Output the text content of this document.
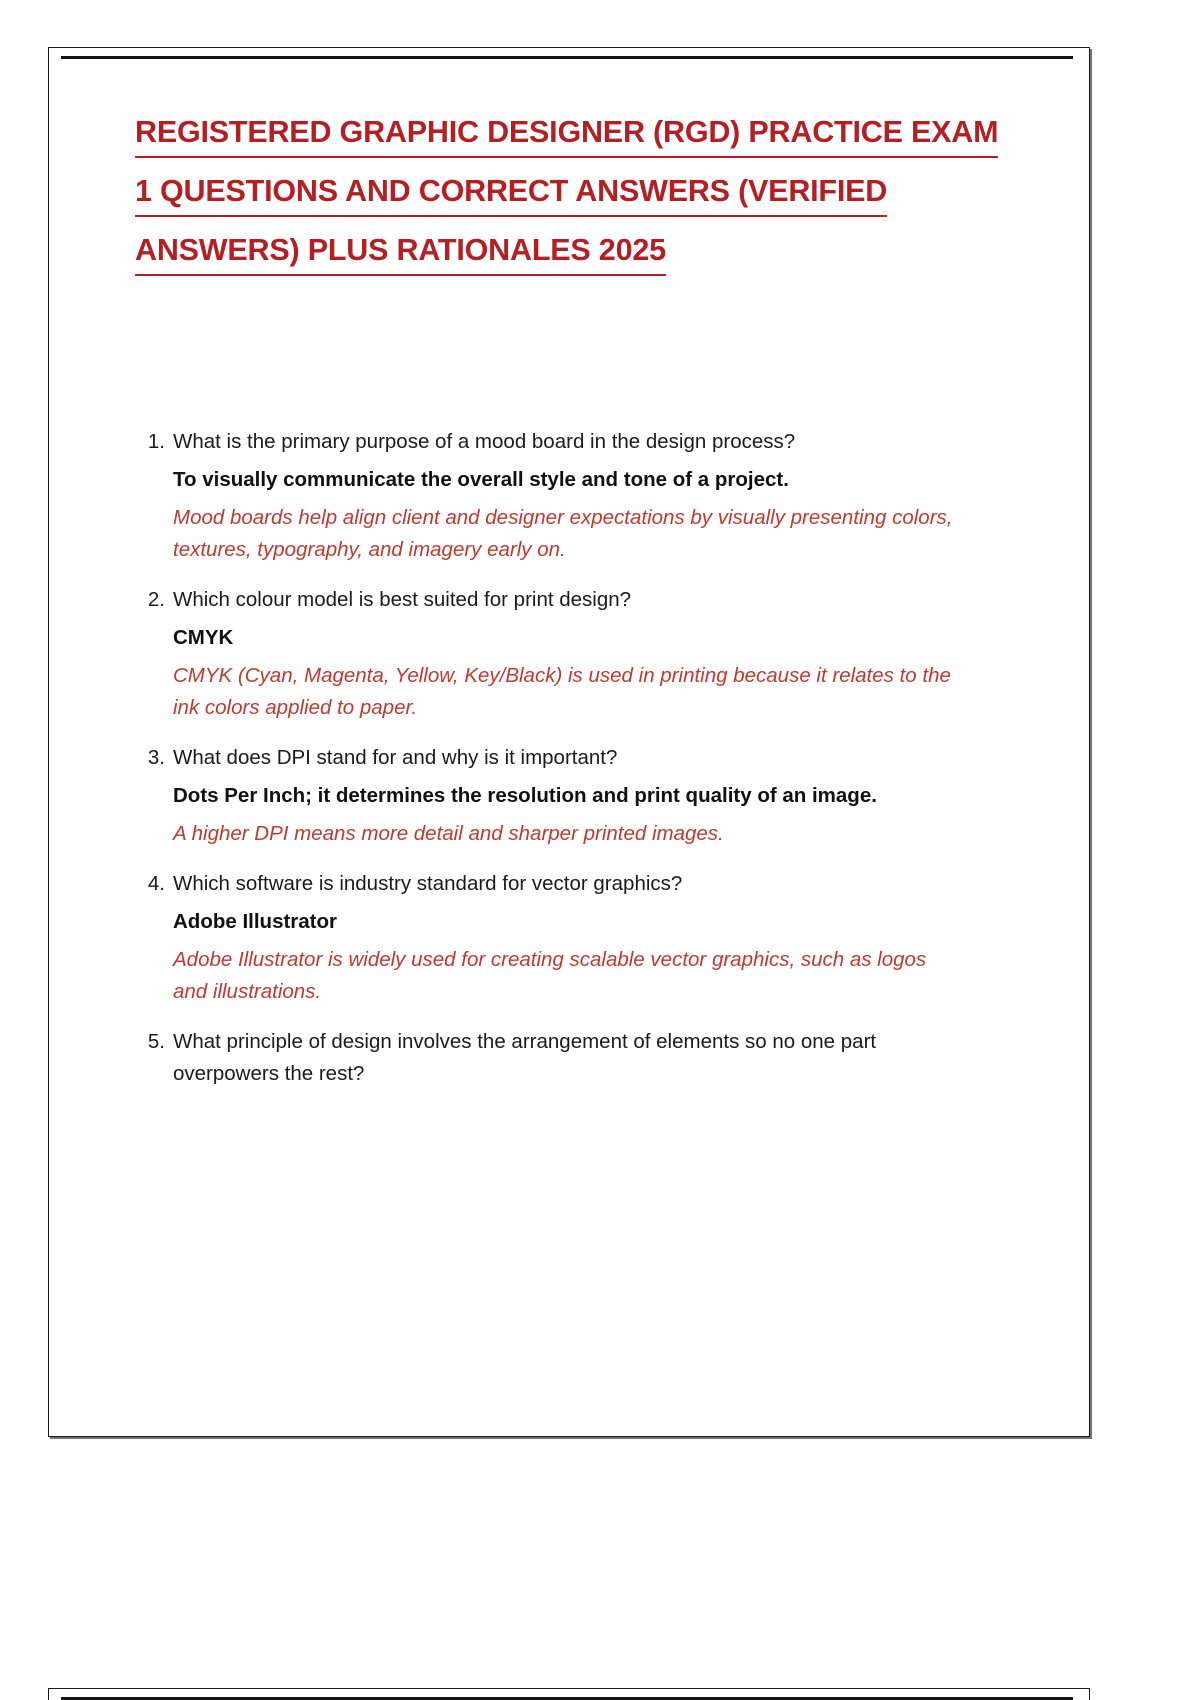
REGISTERED GRAPHIC DESIGNER (RGD) PRACTICE EXAM
1 QUESTIONS AND CORRECT ANSWERS (VERIFIED
ANSWERS) PLUS RATIONALES 2025
1. What is the primary purpose of a mood board in the design process?

To visually communicate the overall style and tone of a project.

Mood boards help align client and designer expectations by visually presenting colors, textures, typography, and imagery early on.

2. Which colour model is best suited for print design?

CMYK

CMYK (Cyan, Magenta, Yellow, Key/Black) is used in printing because it relates to the ink colors applied to paper.

3. What does DPI stand for and why is it important?

Dots Per Inch; it determines the resolution and print quality of an image.

A higher DPI means more detail and sharper printed images.

4. Which software is industry standard for vector graphics?

Adobe Illustrator

Adobe Illustrator is widely used for creating scalable vector graphics, such as logos and illustrations.

5. What principle of design involves the arrangement of elements so no one part overpowers the rest?
